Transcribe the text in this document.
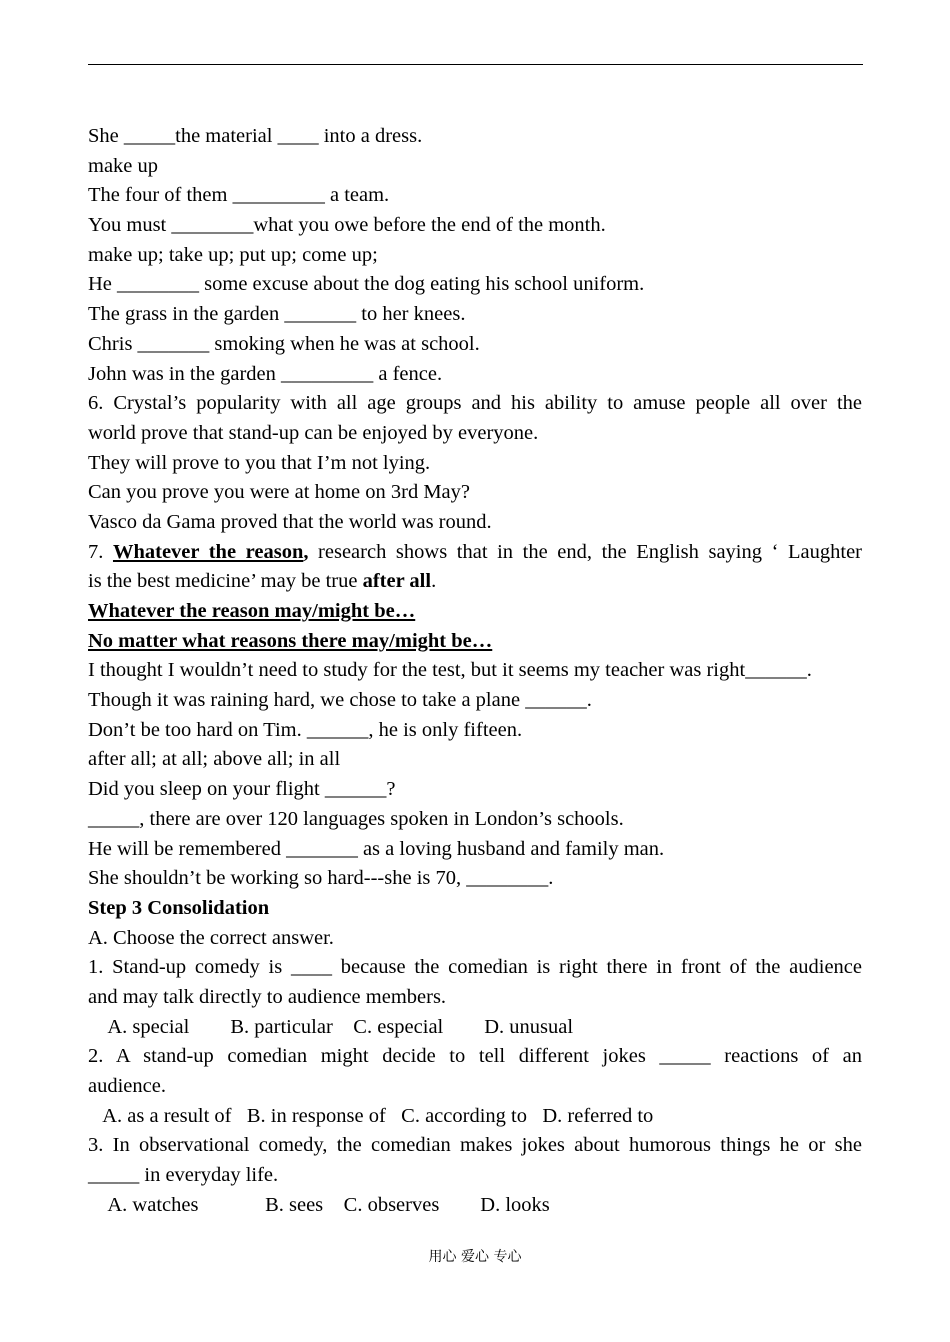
She _____the material ____ into a dress.
make up
The four of them _________ a team.
You must ________what you owe before the end of the month.
make up; take up; put up; come up;
He ________ some excuse about the dog eating his school uniform.
The grass in the garden _______ to her knees.
Chris _______ smoking when he was at school.
John was in the garden _________ a fence.
6. Crystal’s popularity with all age groups and his ability to amuse people all over the
world prove that stand-up can be enjoyed by everyone.
They will prove to you that I’m not lying.
Can you prove you were at home on 3rd May?
Vasco da Gama proved that the world was round.
7. Whatever the reason, research shows that in the end, the English saying ‘ Laughter
is the best medicine’ may be true after all.
Whatever the reason may/might be…
No matter what reasons there may/might be…
I thought I wouldn’t need to study for the test, but it seems my teacher was right______.
Though it was raining hard, we chose to take a plane ______.
Don’t be too hard on Tim. ______, he is only fifteen.
after all; at all; above all; in all
Did you sleep on your flight ______?
_____, there are over 120 languages spoken in London’s schools.
He will be remembered _______ as a loving husband and family man.
She shouldn’t be working so hard---she is 70, ________.
Step 3 Consolidation
A. Choose the correct answer.
1. Stand-up comedy is ____ because the comedian is right there in front of the audience
and may talk directly to audience members.
A. special        B. particular    C. especial        D. unusual
2. A stand-up comedian might decide to tell different jokes _____ reactions of an
audience.
A. as a result of   B. in response of   C. according to   D. referred to
3. In observational comedy, the comedian makes jokes about humorous things he or she
_____ in everyday life.
A. watches             B. sees    C. observes        D. looks
用心 爱心 专心
